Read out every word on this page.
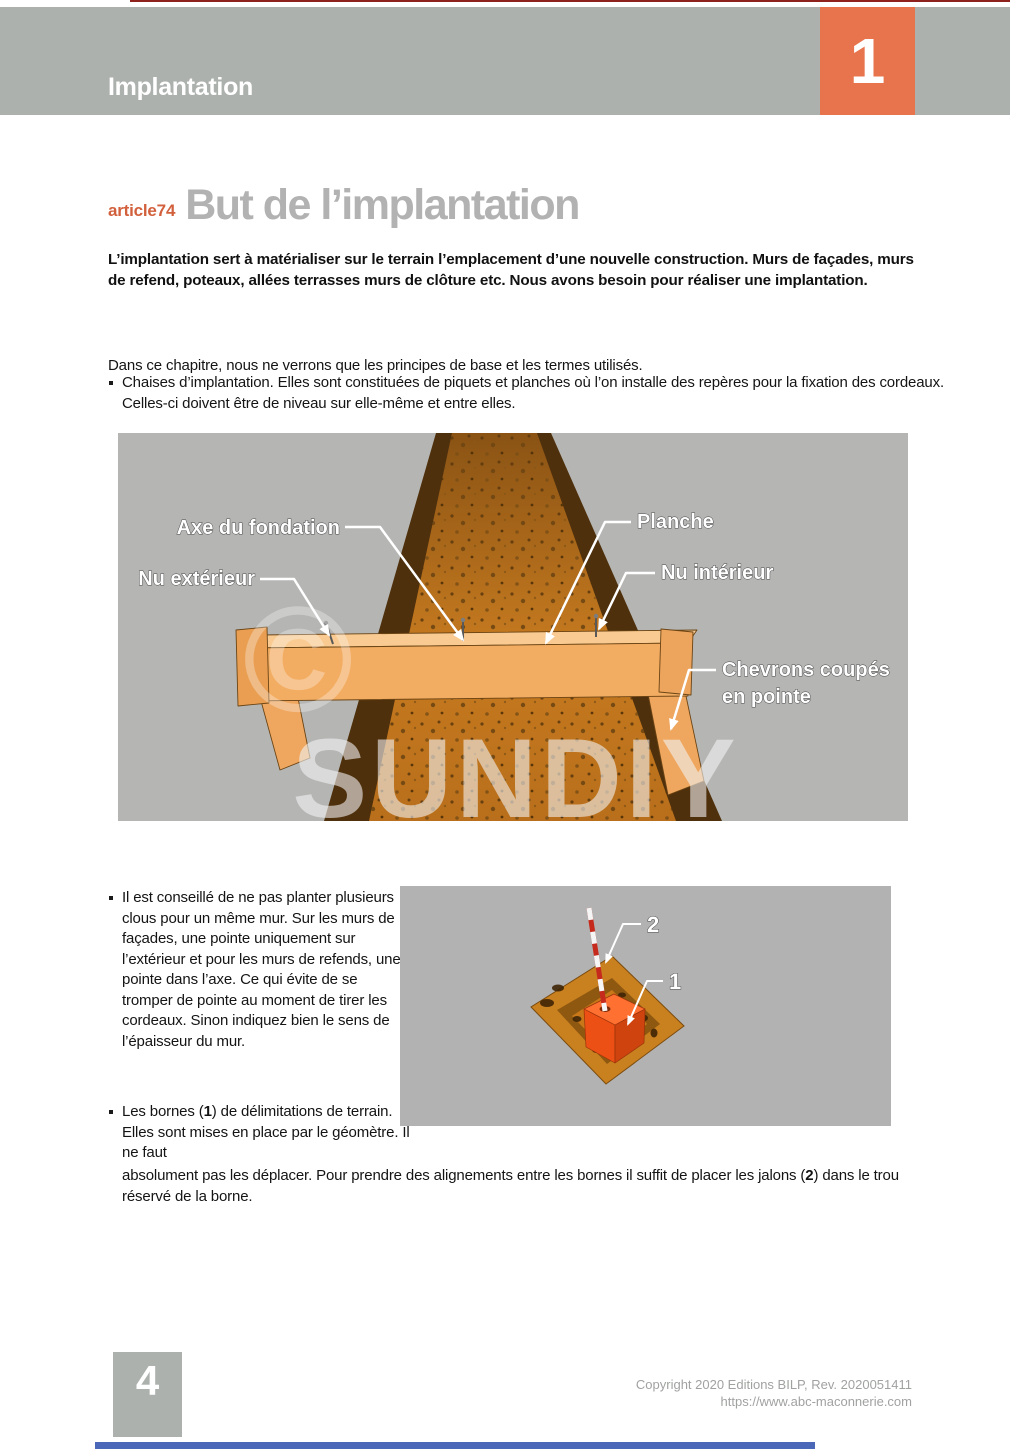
Implantation	1
article74 But de l’implantation

L’implantation sert à matérialiser sur le terrain l’emplacement d’une nouvelle construction. Murs de façades, murs de refend, poteaux, allées terrasses murs de clôture etc. Nous avons besoin pour réaliser une implantation.

Dans ce chapitre, nous ne verrons que les principes de base et les termes utilisés.

Chaises d’implantation. Elles sont constituées de piquets et planches où l’on installe des repères pour la fixation des cordeaux. Celles-ci doivent être de niveau sur elle-même et entre elles.
©
SUNDIY
Axe du fondation	Planche
Nu extérieur	Nu intérieur
Chevrons coupés
en pointe
2
1
Il est conseillé de ne pas planter plusieurs clous pour un même mur. Sur les murs de façades, une pointe uniquement sur l’extérieur et pour les murs de refends, une pointe dans l’axe. Ce qui évite de se tromper de pointe au moment de tirer les cordeaux. Sinon indiquez bien le sens de l’épaisseur du mur.
Les bornes (1) de délimitations de terrain. Elles sont mises en place par le géomètre. Il ne faut
absolument pas les déplacer. Pour prendre des alignements entre les bornes il suffit de placer les jalons (2) dans le trou réservé de la borne.
4	Copyright 2020 Editions BILP, Rev. 2020051411
https://www.abc-maconnerie.com
